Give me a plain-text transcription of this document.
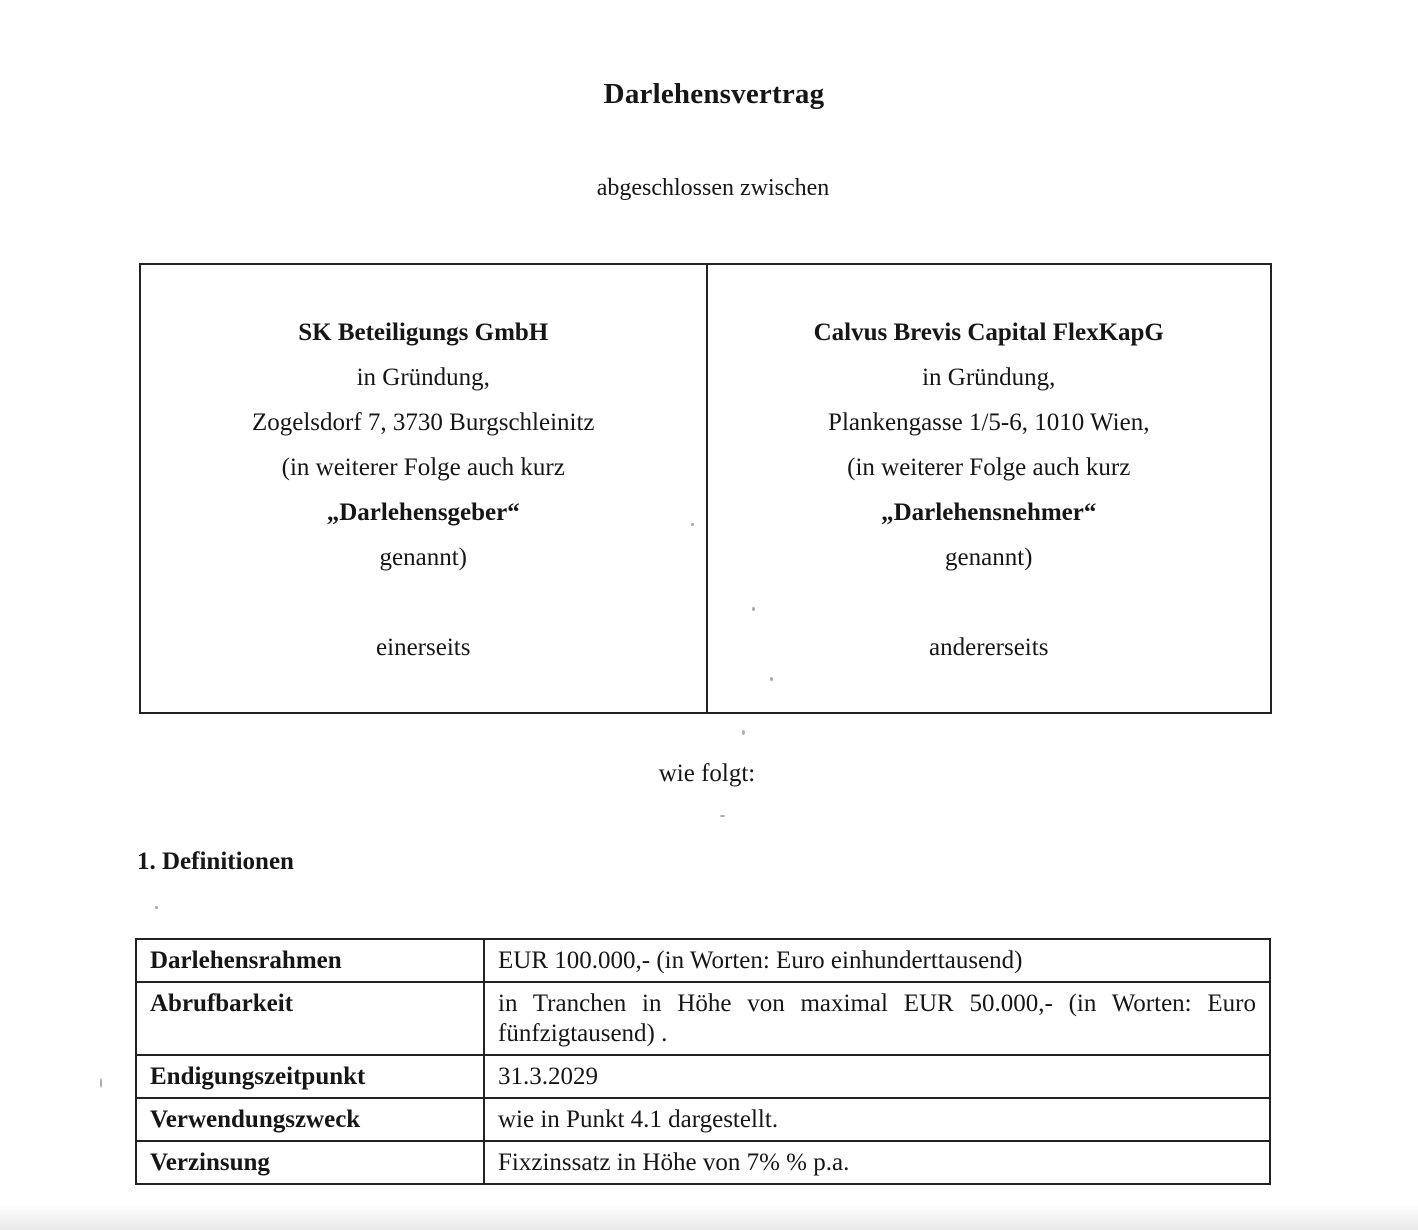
Darlehensvertrag
abgeschlossen zwischen
SK Beteiligungs GmbH
in Gründung,
Zogelsdorf 7, 3730 Burgschleinitz
(in weiterer Folge auch kurz
„Darlehensgeber“
genannt)
einerseits
Calvus Brevis Capital FlexKapG
in Gründung,
Plankengasse 1/5-6, 1010 Wien,
(in weiterer Folge auch kurz
„Darlehensnehmer“
genannt)
andererseits
wie folgt:
1. Definitionen
Darlehensrahmen	EUR 100.000,- (in Worten: Euro einhunderttausend)
Abrufbarkeit	in Tranchen in Höhe von maximal EUR 50.000,- (in Worten: Euro fünfzigtausend) .
Endigungszeitpunkt	31.3.2029
Verwendungszweck	wie in Punkt 4.1 dargestellt.
Verzinsung	Fixzinssatz in Höhe von 7% % p.a.
